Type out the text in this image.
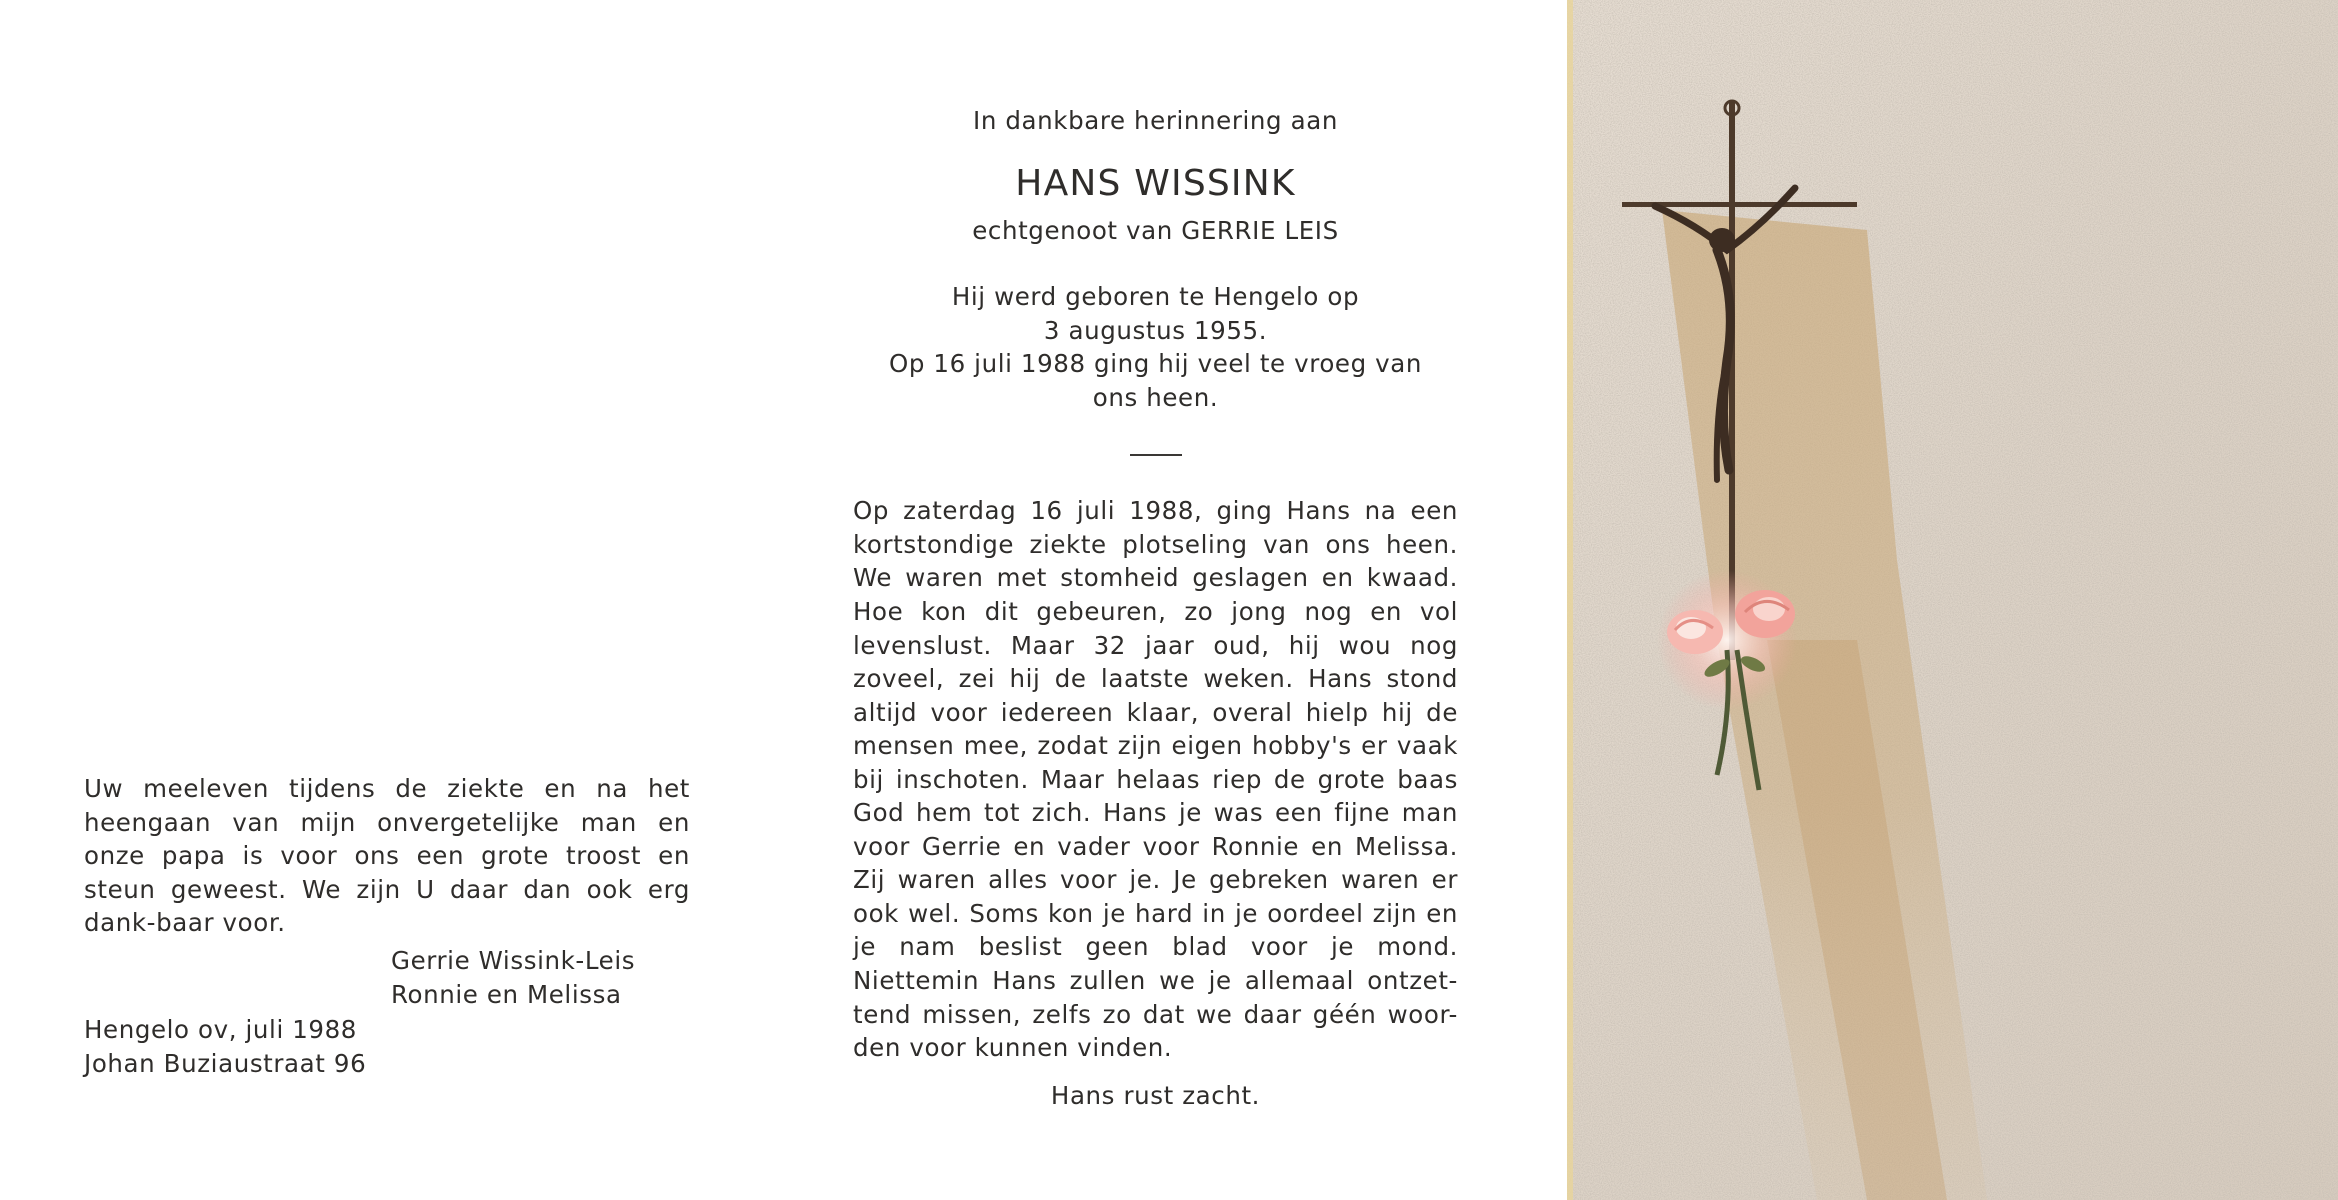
Uw meeleven tijdens de ziekte en na het heengaan van mijn onvergetelijke man en onze papa is voor ons een grote troost en steun geweest. We zijn U daar dan ook erg dank-baar voor.

Gerrie Wissink-Leis
Ronnie en Melissa
Hengelo ov, juli 1988
Johan Buziaustraat 96
In dankbare herinnering aan
HANS WISSINK
echtgenoot van GERRIE LEIS
Hij werd geboren te Hengelo op
3 augustus 1955.
Op 16 juli 1988 ging hij veel te vroeg van
ons heen.

Op zaterdag 16 juli 1988, ging Hans na een kortstondige ziekte plotseling van ons heen. We waren met stomheid geslagen en kwaad. Hoe kon dit gebeuren, zo jong nog en vol levenslust. Maar 32 jaar oud, hij wou nog zoveel, zei hij de laatste weken. Hans stond altijd voor iedereen klaar, overal hielp hij de mensen mee, zodat zijn eigen hobby's er vaak bij inschoten. Maar helaas riep de grote baas God hem tot zich. Hans je was een fijne man voor Gerrie en vader voor Ronnie en Melissa. Zij waren alles voor je. Je gebreken waren er ook wel. Soms kon je hard in je oordeel zijn en je nam beslist geen blad voor je mond. Niettemin Hans zullen we je allemaal ontzet-tend missen, zelfs zo dat we daar géén woor-den voor kunnen vinden.

Hans rust zacht.
